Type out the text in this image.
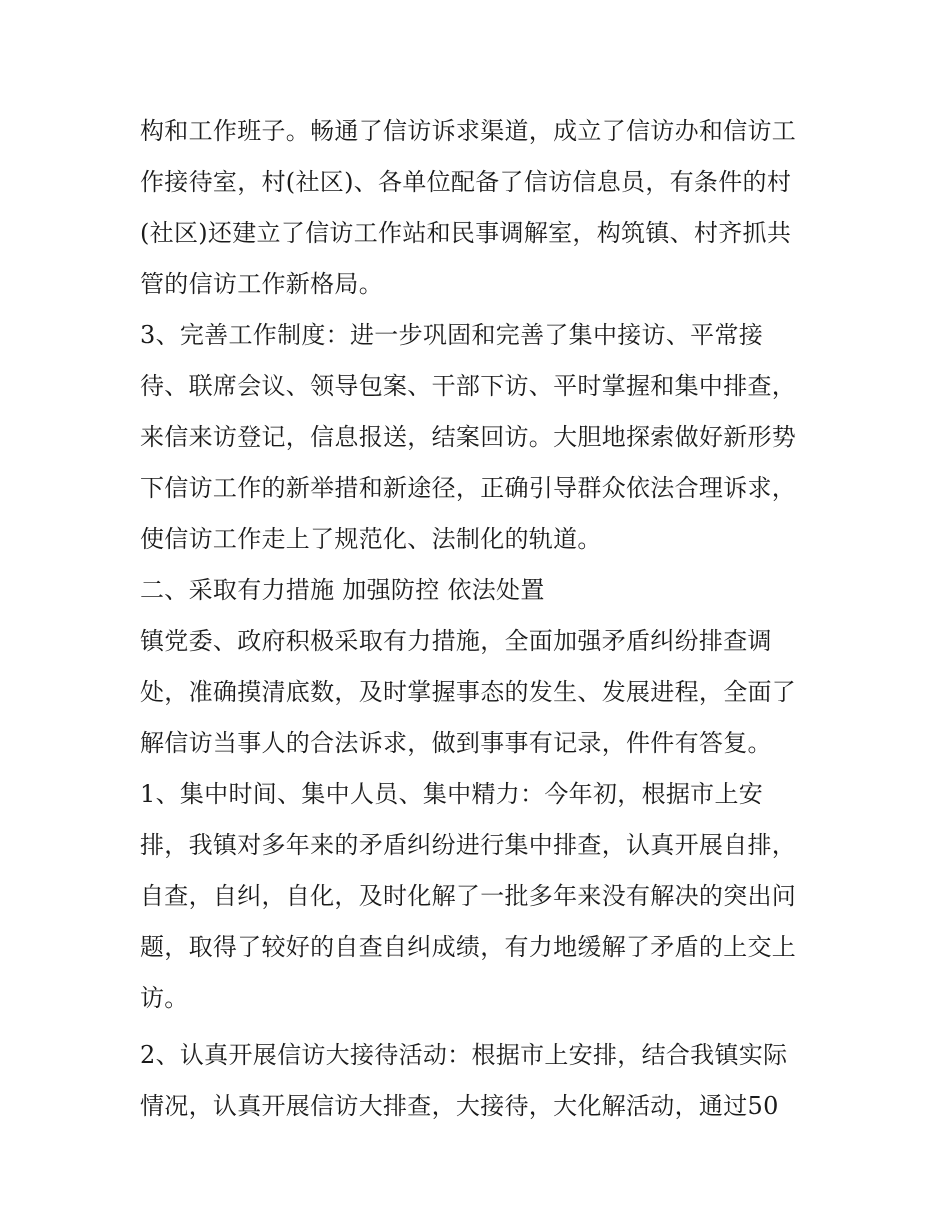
构和工作班子。畅通了信访诉求渠道，成立了信访办和信访工
作接待室，村(社区)、各单位配备了信访信息员，有条件的村
(社区)还建立了信访工作站和民事调解室，构筑镇、村齐抓共
管的信访工作新格局。
3、完善工作制度：进一步巩固和完善了集中接访、平常接
待、联席会议、领导包案、干部下访、平时掌握和集中排查，
来信来访登记，信息报送，结案回访。大胆地探索做好新形势
下信访工作的新举措和新途径，正确引导群众依法合理诉求，
使信访工作走上了规范化、法制化的轨道。
二、采取有力措施 加强防控 依法处置
镇党委、政府积极采取有力措施，全面加强矛盾纠纷排查调
处，准确摸清底数，及时掌握事态的发生、发展进程，全面了
解信访当事人的合法诉求，做到事事有记录，件件有答复。
1、集中时间、集中人员、集中精力：今年初，根据市上安
排，我镇对多年来的矛盾纠纷进行集中排查，认真开展自排，
自查，自纠，自化，及时化解了一批多年来没有解决的突出问
题，取得了较好的自查自纠成绩，有力地缓解了矛盾的上交上
访。
2、认真开展信访大接待活动：根据市上安排，结合我镇实际
情况，认真开展信访大排查，大接待，大化解活动，通过50
